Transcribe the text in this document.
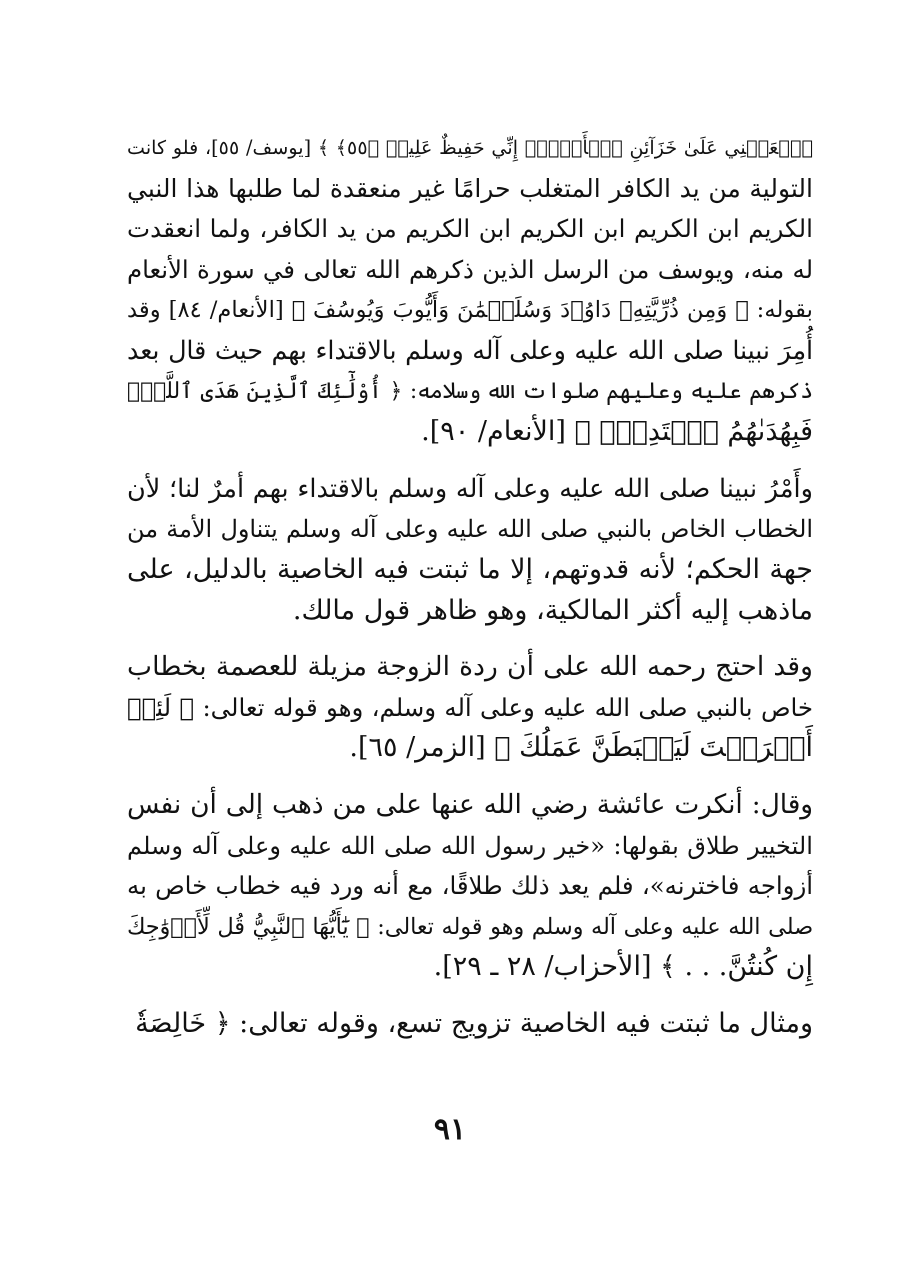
ٱجۡعَلۡنِي عَلَىٰ خَزَآئِنِ ٱلۡأَرۡضِۖ إِنِّي حَفِيظٌ عَلِيمٞ ﴿٥٥﴾ ﴾ [يوسف/ ٥٥]، فلو كانت
التولية من يد الكافر المتغلب حرامًا غير منعقدة لما طلبها هذا النبي
الكريم ابن الكريم ابن الكريم ابن الكريم من يد الكافر، ولما انعقدت
له منه، ويوسف من الرسل الذين ذكرهم الله تعالى في سورة الأنعام
بقوله: ﴿ وَمِن ذُرِّيَّتِهِۦ دَاوُۥدَ وَسُلَيۡمَٰنَ وَأَيُّوبَ وَيُوسُفَ ﴾ [الأنعام/ ٨٤] وقد
أُمِرَ نبينا صلى الله عليه وعلى آله وسلم بالاقتداء بهم حيث قال بعد
ذكرهم عليه وعليهم صلوات الله وسلامه: ﴿ أُوْلَٰٓئِكَ ٱلَّذِينَ هَدَى ٱللَّهُۖ
فَبِهُدَىٰهُمُ ٱقۡتَدِهۡۗ ﴾ [الأنعام/ ٩٠].

وأَمْرُ نبينا صلى الله عليه وعلى آله وسلم بالاقتداء بهم أمرٌ لنا؛ لأن
الخطاب الخاص بالنبي صلى الله عليه وعلى آله وسلم يتناول الأمة من
جهة الحكم؛ لأنه قدوتهم، إلا ما ثبتت فيه الخاصية بالدليل، على
ماذهب إليه أكثر المالكية، وهو ظاهر قول مالك.

وقد احتج رحمه الله على أن ردة الزوجة مزيلة للعصمة بخطاب
خاص بالنبي صلى الله عليه وعلى آله وسلم، وهو قوله تعالى: ﴿ لَئِنۡ
أَشۡرَكۡتَ لَيَحۡبَطَنَّ عَمَلُكَ ﴾ [الزمر/ ٦٥].

وقال: أنكرت عائشة رضي الله عنها على من ذهب إلى أن نفس
التخيير طلاق بقولها: «خير رسول الله صلى الله عليه وعلى آله وسلم
أزواجه فاخترنه»، فلم يعد ذلك طلاقًا، مع أنه ورد فيه خطاب خاص به
صلى الله عليه وعلى آله وسلم وهو قوله تعالى: ﴿ يَٰٓأَيُّهَا ٱلنَّبِيُّ قُل لِّأَزۡوَٰجِكَ
إِن كُنتُنَّ. . . ﴾ [الأحزاب/ ٢٨ ـ ٢٩].

ومثال ما ثبتت فيه الخاصية تزويج تسع، وقوله تعالى: ﴿ خَالِصَةٗ

٩١
